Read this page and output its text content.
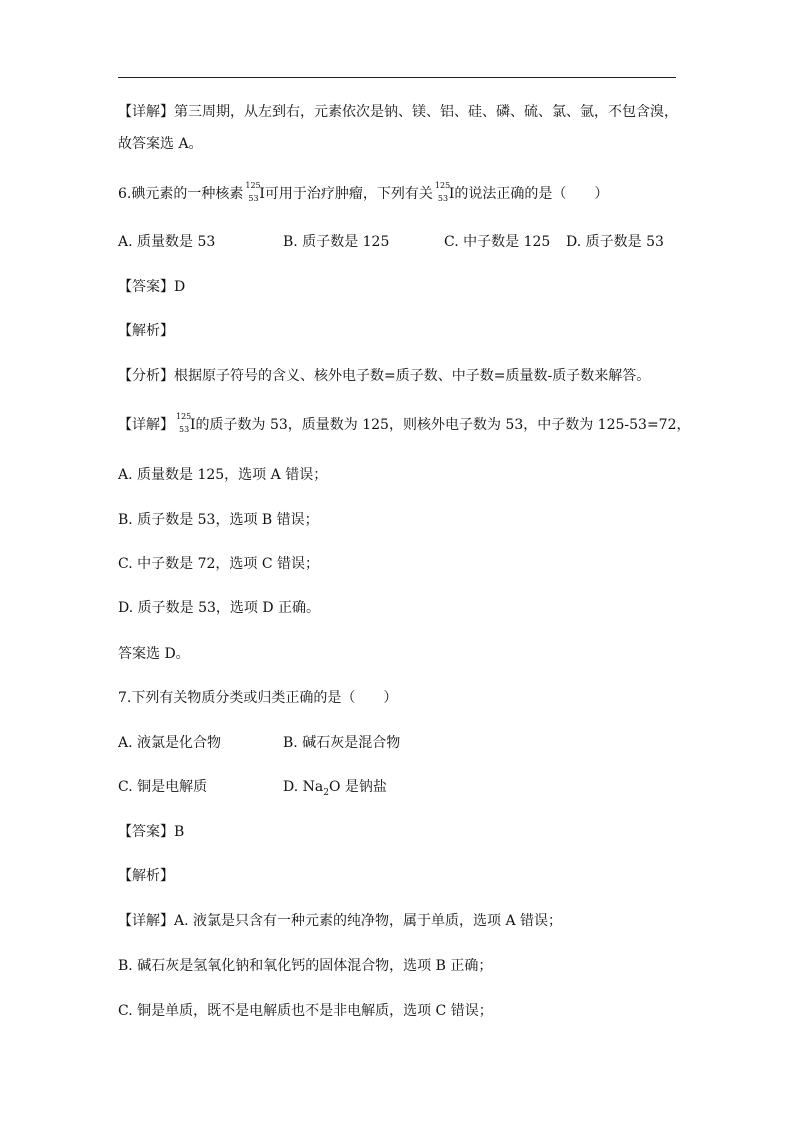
【详解】第三周期，从左到右，元素依次是钠、镁、铝、硅、磷、硫、氯、氩，不包含溴，
故答案选 A。
6.碘元素的一种核素
125
53 I可用于治疗肿瘤，下列有关
125
53 I的说法正确的是（　　）
A. 质量数是 53	B. 质子数是 125	C. 中子数是 125 D. 质子数是 53
【答案】D
【解析】
【分析】根据原子符号的含义、核外电子数=质子数、中子数=质量数-质子数来解答。
【详解】
125
53 I的质子数为 53，质量数为 125，则核外电子数为 53，中子数为 125-53=72，
A. 质量数是 125，选项 A 错误；
B. 质子数是 53，选项 B 错误；
C. 中子数是 72，选项 C 错误；
D. 质子数是 53，选项 D 正确。
答案选 D。
7.下列有关物质分类或归类正确的是（　　）
A. 液氯是化合物	B. 碱石灰是混合物
C. 铜是电解质	D. $Na_2O$ 是钠盐
【答案】B
【解析】
【详解】A. 液氯是只含有一种元素的纯净物，属于单质，选项 A 错误；
B. 碱石灰是氢氧化钠和氧化钙的固体混合物，选项 B 正确；
C. 铜是单质，既不是电解质也不是非电解质，选项 C 错误；
